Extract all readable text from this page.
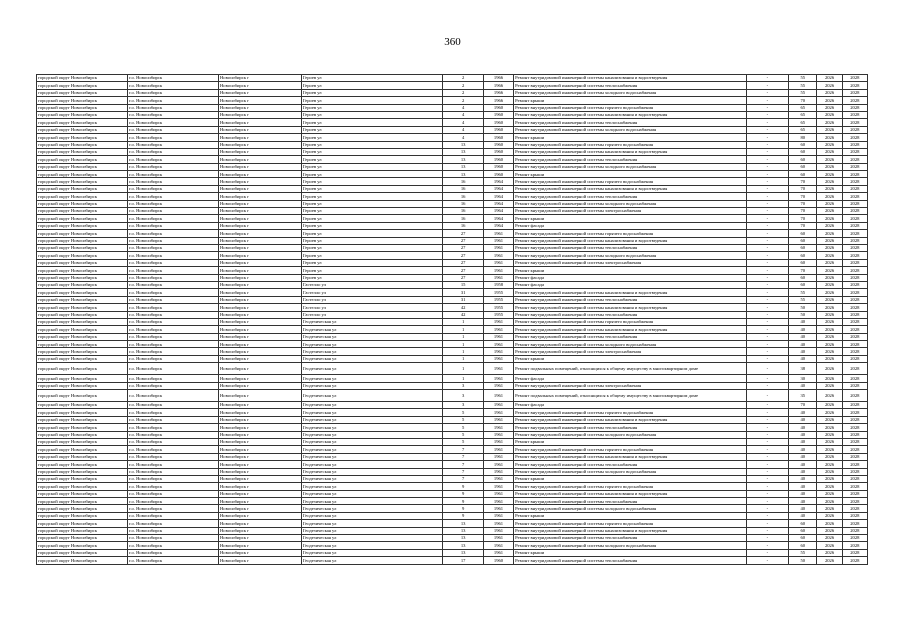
360
городской округ Новосибирск	г.о. Новосибирск	Новосибирск г	Героев ул	2	1966	Ремонт внутридомовой инженерной системы канализования и водоотведения	-	55	2026	2028
городской округ Новосибирск	г.о. Новосибирск	Новосибирск г	Героев ул	2	1966	Ремонт внутридомовой инженерной системы теплоснабжения	-	55	2026	2028
городской округ Новосибирск	г.о. Новосибирск	Новосибирск г	Героев ул	2	1966	Ремонт внутридомовой инженерной системы холодного водоснабжения	-	55	2026	2028
городской округ Новосибирск	г.о. Новосибирск	Новосибирск г	Героев ул	2	1966	Ремонт крыши	-	70	2026	2028
городской округ Новосибирск	г.о. Новосибирск	Новосибирск г	Героев ул	4	1960	Ремонт внутридомовой инженерной системы горячего водоснабжения	-	65	2026	2028
городской округ Новосибирск	г.о. Новосибирск	Новосибирск г	Героев ул	4	1960	Ремонт внутридомовой инженерной системы канализования и водоотведения	-	65	2026	2028
городской округ Новосибирск	г.о. Новосибирск	Новосибирск г	Героев ул	4	1960	Ремонт внутридомовой инженерной системы теплоснабжения	-	65	2026	2028
городской округ Новосибирск	г.о. Новосибирск	Новосибирск г	Героев ул	4	1960	Ремонт внутридомовой инженерной системы холодного водоснабжения	-	65	2026	2028
городской округ Новосибирск	г.о. Новосибирск	Новосибирск г	Героев ул	4	1960	Ремонт крыши	-	80	2026	2028
городской округ Новосибирск	г.о. Новосибирск	Новосибирск г	Героев ул	13	1960	Ремонт внутридомовой инженерной системы горячего водоснабжения	-	60	2026	2028
городской округ Новосибирск	г.о. Новосибирск	Новосибирск г	Героев ул	13	1960	Ремонт внутридомовой инженерной системы канализования и водоотведения	-	60	2026	2028
городской округ Новосибирск	г.о. Новосибирск	Новосибирск г	Героев ул	13	1960	Ремонт внутридомовой инженерной системы теплоснабжения	-	60	2026	2028
городской округ Новосибирск	г.о. Новосибирск	Новосибирск г	Героев ул	13	1960	Ремонт внутридомовой инженерной системы холодного водоснабжения	-	60	2026	2028
городской округ Новосибирск	г.о. Новосибирск	Новосибирск г	Героев ул	13	1960	Ремонт крыши	-	60	2026	2028
городской округ Новосибирск	г.о. Новосибирск	Новосибирск г	Героев ул	16	1964	Ремонт внутридомовой инженерной системы горячего водоснабжения	-	70	2026	2028
городской округ Новосибирск	г.о. Новосибирск	Новосибирск г	Героев ул	16	1964	Ремонт внутридомовой инженерной системы канализования и водоотведения	-	70	2026	2028
городской округ Новосибирск	г.о. Новосибирск	Новосибирск г	Героев ул	16	1964	Ремонт внутридомовой инженерной системы теплоснабжения	-	70	2026	2028
городской округ Новосибирск	г.о. Новосибирск	Новосибирск г	Героев ул	16	1964	Ремонт внутридомовой инженерной системы холодного водоснабжения	-	70	2026	2028
городской округ Новосибирск	г.о. Новосибирск	Новосибирск г	Героев ул	16	1964	Ремонт внутридомовой инженерной системы электроснабжения	-	70	2026	2028
городской округ Новосибирск	г.о. Новосибирск	Новосибирск г	Героев ул	16	1964	Ремонт крыши	-	70	2026	2028
городской округ Новосибирск	г.о. Новосибирск	Новосибирск г	Героев ул	16	1964	Ремонт фасада	-	70	2026	2028
городской округ Новосибирск	г.о. Новосибирск	Новосибирск г	Героев ул	27	1961	Ремонт внутридомовой инженерной системы горячего водоснабжения	-	60	2026	2028
городской округ Новосибирск	г.о. Новосибирск	Новосибирск г	Героев ул	27	1961	Ремонт внутридомовой инженерной системы канализования и водоотведения	-	60	2026	2028
городской округ Новосибирск	г.о. Новосибирск	Новосибирск г	Героев ул	27	1961	Ремонт внутридомовой инженерной системы теплоснабжения	-	60	2026	2028
городской округ Новосибирск	г.о. Новосибирск	Новосибирск г	Героев ул	27	1961	Ремонт внутридомовой инженерной системы холодного водоснабжения	-	60	2026	2028
городской округ Новосибирск	г.о. Новосибирск	Новосибирск г	Героев ул	27	1961	Ремонт внутридомовой инженерной системы электроснабжения	-	60	2026	2028
городской округ Новосибирск	г.о. Новосибирск	Новосибирск г	Героев ул	27	1961	Ремонт крыши	-	70	2026	2028
городской округ Новосибирск	г.о. Новосибирск	Новосибирск г	Героев ул	27	1961	Ремонт фасада	-	60	2026	2028
городской округ Новосибирск	г.о. Новосибирск	Новосибирск г	Гастелло ул	15	1958	Ремонт фасада	-	60	2026	2028
городской округ Новосибирск	г.о. Новосибирск	Новосибирск г	Гастелло ул	31	1955	Ремонт внутридомовой инженерной системы канализования и водоотведения	-	55	2026	2028
городской округ Новосибирск	г.о. Новосибирск	Новосибирск г	Гастелло ул	31	1955	Ремонт внутридомовой инженерной системы теплоснабжения	-	55	2026	2028
городской округ Новосибирск	г.о. Новосибирск	Новосибирск г	Гастелло ул	42	1955	Ремонт внутридомовой инженерной системы канализования и водоотведения	-	50	2026	2028
городской округ Новосибирск	г.о. Новосибирск	Новосибирск г	Гастелло ул	42	1955	Ремонт внутридомовой инженерной системы теплоснабжения	-	50	2026	2028
городской округ Новосибирск	г.о. Новосибирск	Новосибирск г	Геодезическая ул	1	1961	Ремонт внутридомовой инженерной системы горячего водоснабжения	-	40	2026	2028
городской округ Новосибирск	г.о. Новосибирск	Новосибирск г	Геодезическая ул	1	1961	Ремонт внутридомовой инженерной системы канализования и водоотведения	-	40	2026	2028
городской округ Новосибирск	г.о. Новосибирск	Новосибирск г	Геодезическая ул	1	1961	Ремонт внутридомовой инженерной системы теплоснабжения	-	40	2026	2028
городской округ Новосибирск	г.о. Новосибирск	Новосибирск г	Геодезическая ул	1	1961	Ремонт внутридомовой инженерной системы холодного водоснабжения	-	40	2026	2028
городской округ Новосибирск	г.о. Новосибирск	Новосибирск г	Геодезическая ул	1	1961	Ремонт внутридомовой инженерной системы электроснабжения	-	40	2026	2028
городской округ Новосибирск	г.о. Новосибирск	Новосибирск г	Геодезическая ул	1	1961	Ремонт крыши	-	40	2026	2028
городской округ Новосибирск	г.о. Новосибирск	Новосибирск г	Геодезическая ул	1	1961	Ремонт подвальных помещений, относящихся к общему имуществу в многоквартирном доме	-	38	2026	2028
городской округ Новосибирск	г.о. Новосибирск	Новосибирск г	Геодезическая ул	1	1961	Ремонт фасада	-	30	2026	2028
городской округ Новосибирск	г.о. Новосибирск	Новосибирск г	Геодезическая ул	3	1961	Ремонт внутридомовой инженерной системы электроснабжения	-	40	2026	2028
городской округ Новосибирск	г.о. Новосибирск	Новосибирск г	Геодезическая ул	3	1961	Ремонт подвальных помещений, относящихся к общему имуществу в многоквартирном доме	-	35	2026	2028
городской округ Новосибирск	г.о. Новосибирск	Новосибирск г	Геодезическая ул	3	1961	Ремонт фасада	-	70	2026	2028
городской округ Новосибирск	г.о. Новосибирск	Новосибирск г	Геодезическая ул	5	1961	Ремонт внутридомовой инженерной системы горячего водоснабжения	-	40	2026	2028
городской округ Новосибирск	г.о. Новосибирск	Новосибирск г	Геодезическая ул	5	1961	Ремонт внутридомовой инженерной системы канализования и водоотведения	-	40	2026	2028
городской округ Новосибирск	г.о. Новосибирск	Новосибирск г	Геодезическая ул	5	1961	Ремонт внутридомовой инженерной системы теплоснабжения	-	40	2026	2028
городской округ Новосибирск	г.о. Новосибирск	Новосибирск г	Геодезическая ул	5	1961	Ремонт внутридомовой инженерной системы холодного водоснабжения	-	40	2026	2028
городской округ Новосибирск	г.о. Новосибирск	Новосибирск г	Геодезическая ул	5	1961	Ремонт крыши	-	40	2026	2028
городской округ Новосибирск	г.о. Новосибирск	Новосибирск г	Геодезическая ул	7	1961	Ремонт внутридомовой инженерной системы горячего водоснабжения	-	40	2026	2028
городской округ Новосибирск	г.о. Новосибирск	Новосибирск г	Геодезическая ул	7	1961	Ремонт внутридомовой инженерной системы канализования и водоотведения	-	40	2026	2028
городской округ Новосибирск	г.о. Новосибирск	Новосибирск г	Геодезическая ул	7	1961	Ремонт внутридомовой инженерной системы теплоснабжения	-	40	2026	2028
городской округ Новосибирск	г.о. Новосибирск	Новосибирск г	Геодезическая ул	7	1961	Ремонт внутридомовой инженерной системы холодного водоснабжения	-	40	2026	2028
городской округ Новосибирск	г.о. Новосибирск	Новосибирск г	Геодезическая ул	7	1961	Ремонт крыши	-	40	2026	2028
городской округ Новосибирск	г.о. Новосибирск	Новосибирск г	Геодезическая ул	9	1961	Ремонт внутридомовой инженерной системы горячего водоснабжения	-	40	2026	2028
городской округ Новосибирск	г.о. Новосибирск	Новосибирск г	Геодезическая ул	9	1961	Ремонт внутридомовой инженерной системы канализования и водоотведения	-	40	2026	2028
городской округ Новосибирск	г.о. Новосибирск	Новосибирск г	Геодезическая ул	9	1961	Ремонт внутридомовой инженерной системы теплоснабжения	-	40	2026	2028
городской округ Новосибирск	г.о. Новосибирск	Новосибирск г	Геодезическая ул	9	1961	Ремонт внутридомовой инженерной системы холодного водоснабжения	-	40	2026	2028
городской округ Новосибирск	г.о. Новосибирск	Новосибирск г	Геодезическая ул	9	1961	Ремонт крыши	-	40	2026	2028
городской округ Новосибирск	г.о. Новосибирск	Новосибирск г	Геодезическая ул	13	1961	Ремонт внутридомовой инженерной системы горячего водоснабжения	-	60	2026	2028
городской округ Новосибирск	г.о. Новосибирск	Новосибирск г	Геодезическая ул	13	1961	Ремонт внутридомовой инженерной системы канализования и водоотведения	-	60	2026	2028
городской округ Новосибирск	г.о. Новосибирск	Новосибирск г	Геодезическая ул	13	1961	Ремонт внутридомовой инженерной системы теплоснабжения	-	60	2026	2028
городской округ Новосибирск	г.о. Новосибирск	Новосибирск г	Геодезическая ул	13	1961	Ремонт внутридомовой инженерной системы холодного водоснабжения	-	60	2026	2028
городской округ Новосибирск	г.о. Новосибирск	Новосибирск г	Геодезическая ул	13	1961	Ремонт крыши	-	55	2026	2028
городской округ Новосибирск	г.о. Новосибирск	Новосибирск г	Геодезическая ул	17	1960	Ремонт внутридомовой инженерной системы теплоснабжения	-	50	2026	2028
